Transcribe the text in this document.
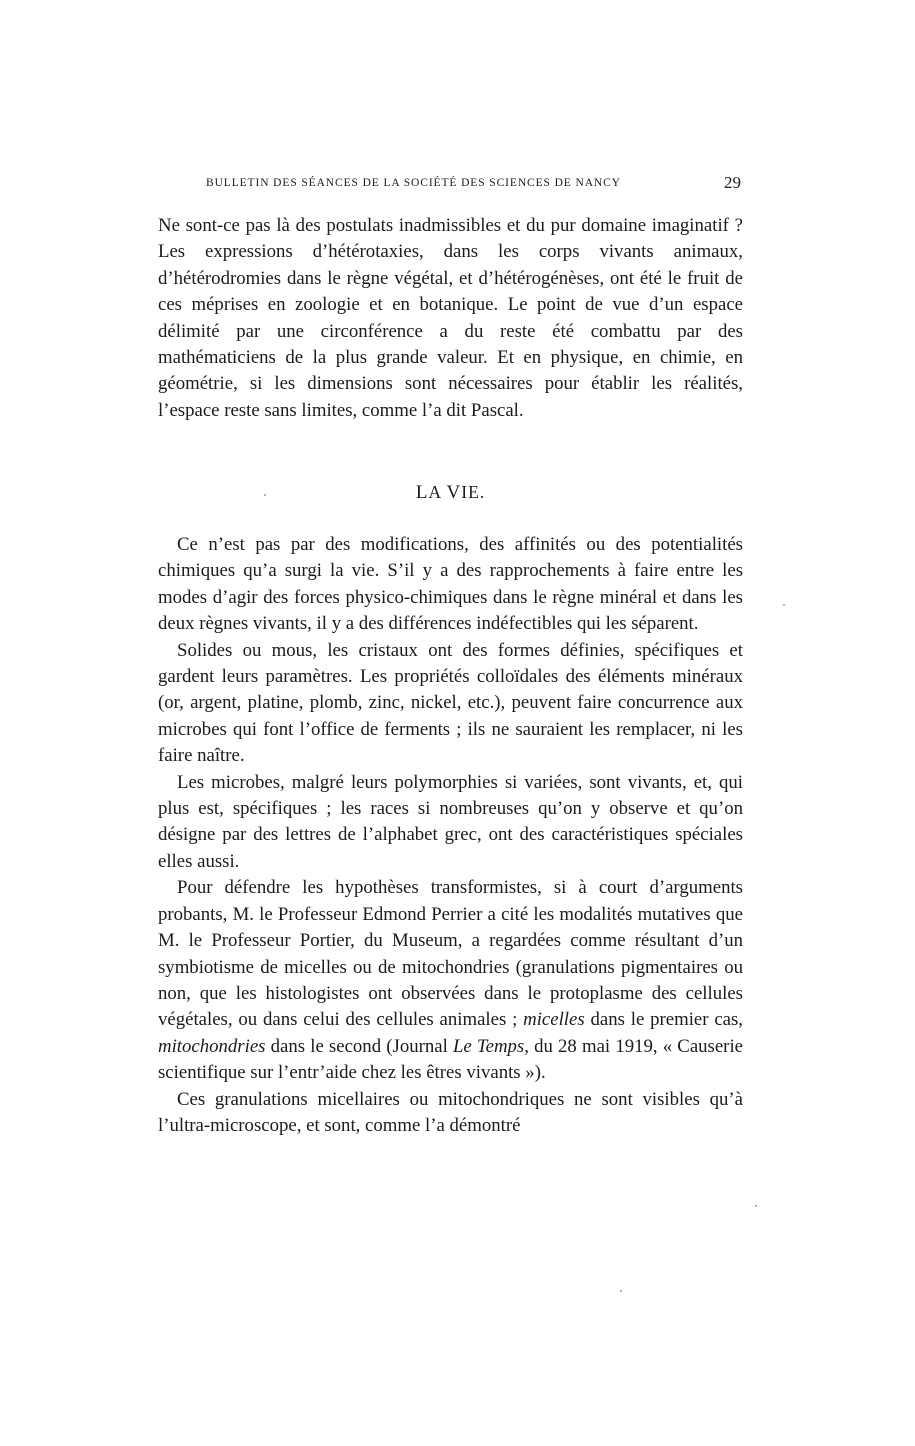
BULLETIN DES SÉANCES DE LA SOCIÉTÉ DES SCIENCES DE NANCY	29

Ne sont-ce pas là des postulats inadmissibles et du pur domaine imaginatif ? Les expressions d’hétérotaxies, dans les corps vivants animaux, d’hétérodromies dans le règne végétal, et d’hétérogénèses, ont été le fruit de ces méprises en zoologie et en botanique. Le point de vue d’un espace délimité par une circonférence a du reste été combattu par des mathématiciens de la plus grande valeur. Et en physique, en chimie, en géométrie, si les dimensions sont nécessaires pour établir les réalités, l’espace reste sans limites, comme l’a dit Pascal.

LA VIE.

Ce n’est pas par des modifications, des affinités ou des potentialités chimiques qu’a surgi la vie. S’il y a des rapprochements à faire entre les modes d’agir des forces physico-chimiques dans le règne minéral et dans les deux règnes vivants, il y a des différences indéfectibles qui les séparent.

Solides ou mous, les cristaux ont des formes définies, spécifiques et gardent leurs paramètres. Les propriétés colloïdales des éléments minéraux (or, argent, platine, plomb, zinc, nickel, etc.), peuvent faire concurrence aux microbes qui font l’office de ferments ; ils ne sauraient les remplacer, ni les faire naître.

Les microbes, malgré leurs polymorphies si variées, sont vivants, et, qui plus est, spécifiques ; les races si nombreuses qu’on y observe et qu’on désigne par des lettres de l’alphabet grec, ont des caractéristiques spéciales elles aussi.

Pour défendre les hypothèses transformistes, si à court d’arguments probants, M. le Professeur Edmond Perrier a cité les modalités mutatives que M. le Professeur Portier, du Museum, a regardées comme résultant d’un symbiotisme de micelles ou de mitochondries (granulations pigmentaires ou non, que les histologistes ont observées dans le protoplasme des cellules végétales, ou dans celui des cellules animales ; micelles dans le premier cas, mitochondries dans le second (Journal Le Temps, du 28 mai 1919, « Causerie scientifique sur l’entr’aide chez les êtres vivants »).

Ces granulations micellaires ou mitochondriques ne sont visibles qu’à l’ultra-microscope, et sont, comme l’a démontré
